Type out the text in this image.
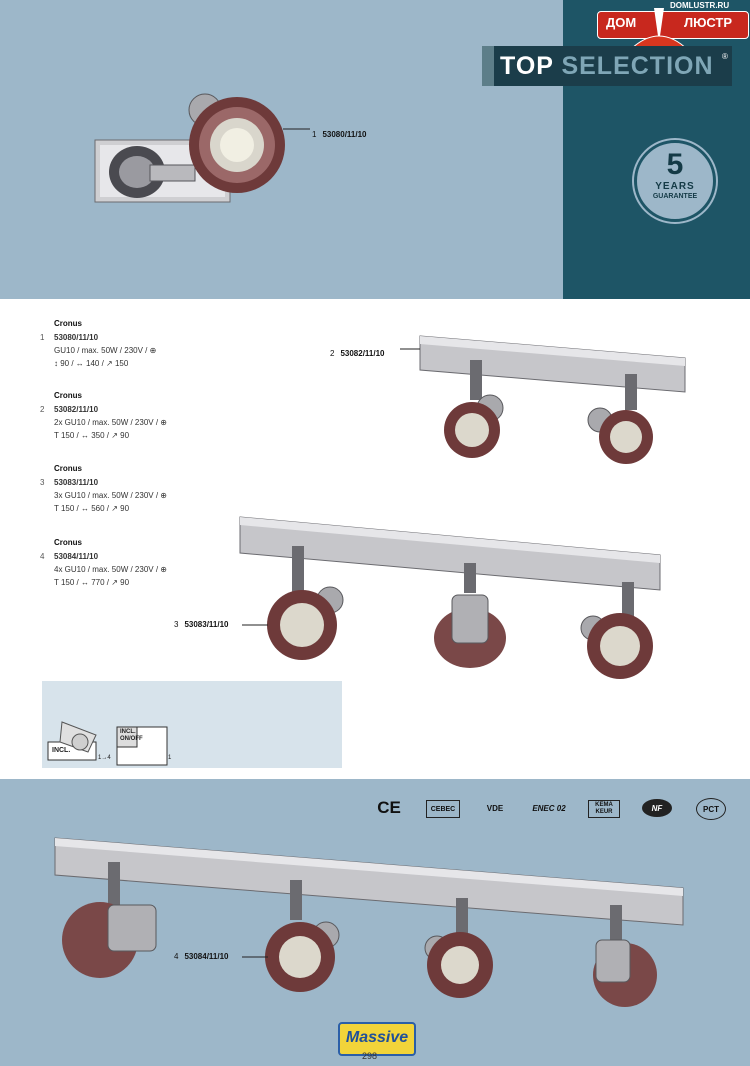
DOMLUSTR.RU
ДОМ	ЛЮСТР
TOP SELECTION ®
5
YEARS
GUARANTEE
1 53080/11/10
Cronus
1 53080/11/10
GU10 / max. 50W / 230V / ⊕
↕ 90 / ↔ 140 / ↗ 150
Cronus
2 53082/11/10
2x GU10 / max. 50W / 230V / ⊕
T 150 / ↔ 350 / ↗ 90
Cronus
3 53083/11/10
3x GU10 / max. 50W / 230V / ⊕
T 150 / ↔ 560 / ↗ 90
Cronus
4 53084/11/10
4x GU10 / max. 50W / 230V / ⊕
T 150 / ↔ 770 / ↗ 90
2 53082/11/10
3 53083/11/10
4 53084/11/10
INCL.
1→4
INCL. ON/OFF
1
CE	CEBEC	VDE	ENEC 02	KEMA KEUR	NF	PCT
Massive
298
